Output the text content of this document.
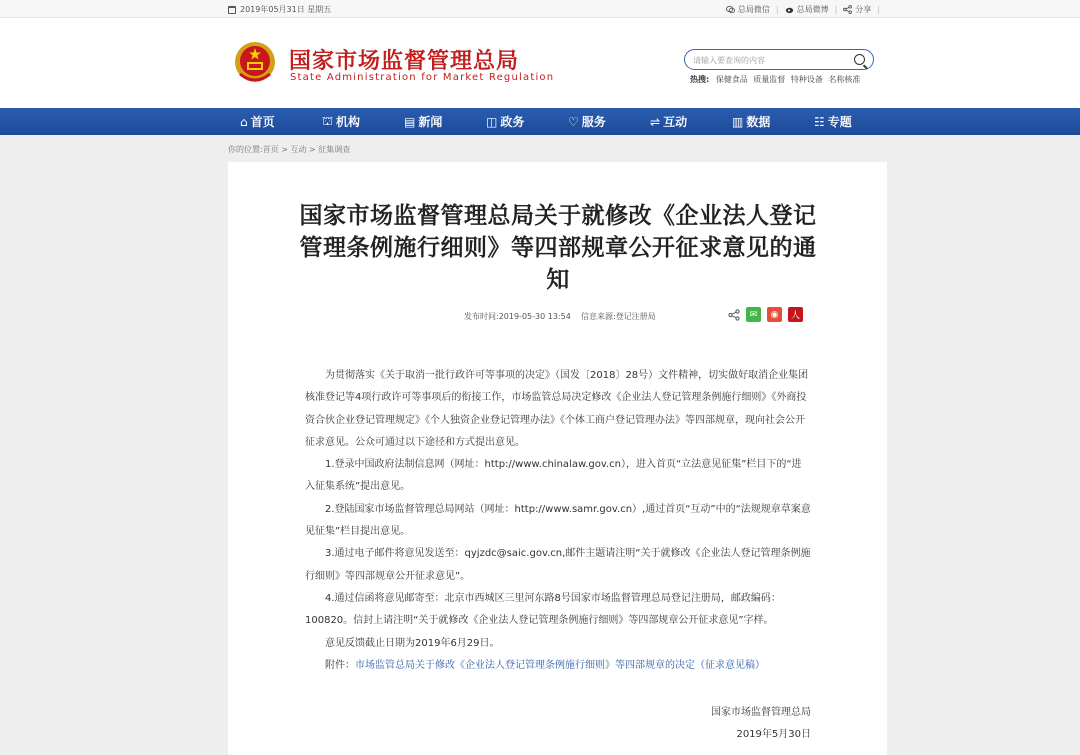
2019年05月31日 星期五	总局微信 | 总局微博 | 分享 |
国家市场监督管理总局
State Administration for Market Regulation
请输入要查询的内容
热搜: 保健食品 质量监督 特种设备 名称核准
⌂ 首页	⛫ 机构	▤ 新闻	◫ 政务	♡ 服务	⇌ 互动	▥ 数据	☷ 专题
你的位置:首页 > 互动 > 征集调查
国家市场监督管理总局关于就修改《企业法人登记管理条例施行细则》等四部规章公开征求意见的通知
发布时间:2019-05-30 13:54 信息来源:登记注册局	✉	◉	人

为贯彻落实《关于取消一批行政许可等事项的决定》（国发〔2018〕28号）文件精神，切实做好取消企业集团核准登记等4项行政许可等事项后的衔接工作，市场监管总局决定修改《企业法人登记管理条例施行细则》《外商投资合伙企业登记管理规定》《个人独资企业登记管理办法》《个体工商户登记管理办法》等四部规章，现向社会公开征求意见。公众可通过以下途径和方式提出意见。

1.登录中国政府法制信息网（网址：http://www.chinalaw.gov.cn），进入首页“立法意见征集”栏目下的“进入征集系统”提出意见。

2.登陆国家市场监督管理总局网站（网址：http://www.samr.gov.cn）,通过首页“互动”中的“法规规章草案意见征集”栏目提出意见。

3.通过电子邮件将意见发送至：qyjzdc@saic.gov.cn,邮件主题请注明“关于就修改《企业法人登记管理条例施行细则》等四部规章公开征求意见”。

4.通过信函将意见邮寄至：北京市西城区三里河东路8号国家市场监督管理总局登记注册局，邮政编码：100820。信封上请注明“关于就修改《企业法人登记管理条例施行细则》等四部规章公开征求意见”字样。

意见反馈截止日期为2019年6月29日。

附件：市场监管总局关于修改《企业法人登记管理条例施行细则》等四部规章的决定（征求意见稿）

国家市场监督管理总局
2019年5月30日
